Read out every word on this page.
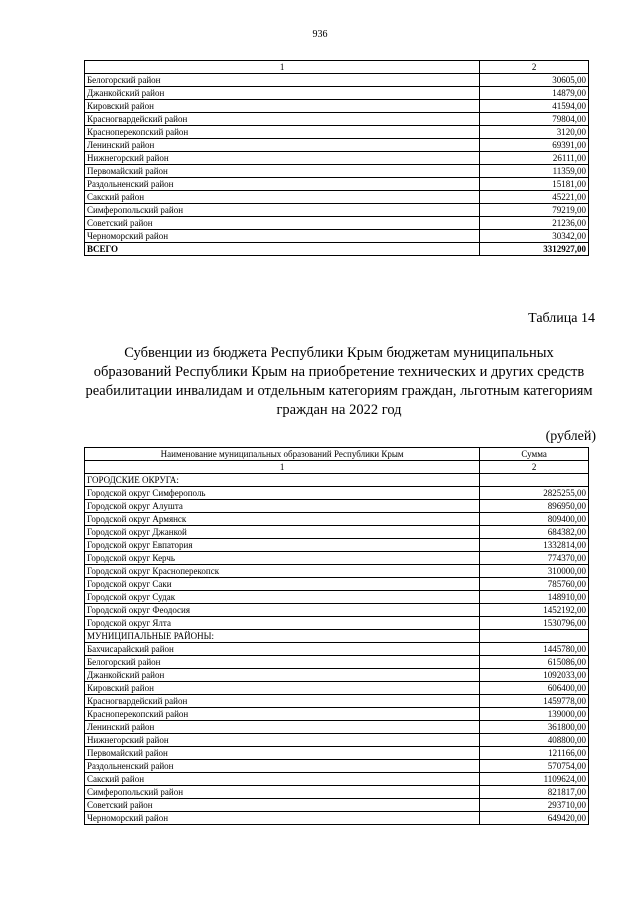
936
1	2
Белогорский район	30605,00
Джанкойский район	14879,00
Кировский район	41594,00
Красногвардейский район	79804,00
Красноперекопский район	3120,00
Ленинский район	69391,00
Нижнегорский район	26111,00
Первомайский район	11359,00
Раздольненский район	15181,00
Сакский район	45221,00
Симферопольский район	79219,00
Советский район	21236,00
Черноморский район	30342,00
ВСЕГО	3312927,00
Таблица 14
Субвенции из бюджета Республики Крым бюджетам муниципальных образований Республики Крым на приобретение технических и других средств реабилитации инвалидам и отдельным категориям граждан, льготным категориям граждан на 2022 год
(рублей)
Наименование муниципальных образований Республики Крым	Сумма
1	2
ГОРОДСКИЕ ОКРУГА:	
Городской округ Симферополь	2825255,00
Городской округ Алушта	896950,00
Городской округ Армянск	809400,00
Городской округ Джанкой	684382,00
Городской округ Евпатория	1332814,00
Городской округ Керчь	774370,00
Городской округ Красноперекопск	310000,00
Городской округ Саки	785760,00
Городской округ Судак	148910,00
Городской округ Феодосия	1452192,00
Городской округ Ялта	1530796,00
МУНИЦИПАЛЬНЫЕ РАЙОНЫ:	
Бахчисарайский район	1445780,00
Белогорский район	615086,00
Джанкойский район	1092033,00
Кировский район	606400,00
Красногвардейский район	1459778,00
Красноперекопский район	139000,00
Ленинский район	361800,00
Нижнегорский район	408800,00
Первомайский район	121166,00
Раздольненский район	570754,00
Сакский район	1109624,00
Симферопольский район	821817,00
Советский район	293710,00
Черноморский район	649420,00
